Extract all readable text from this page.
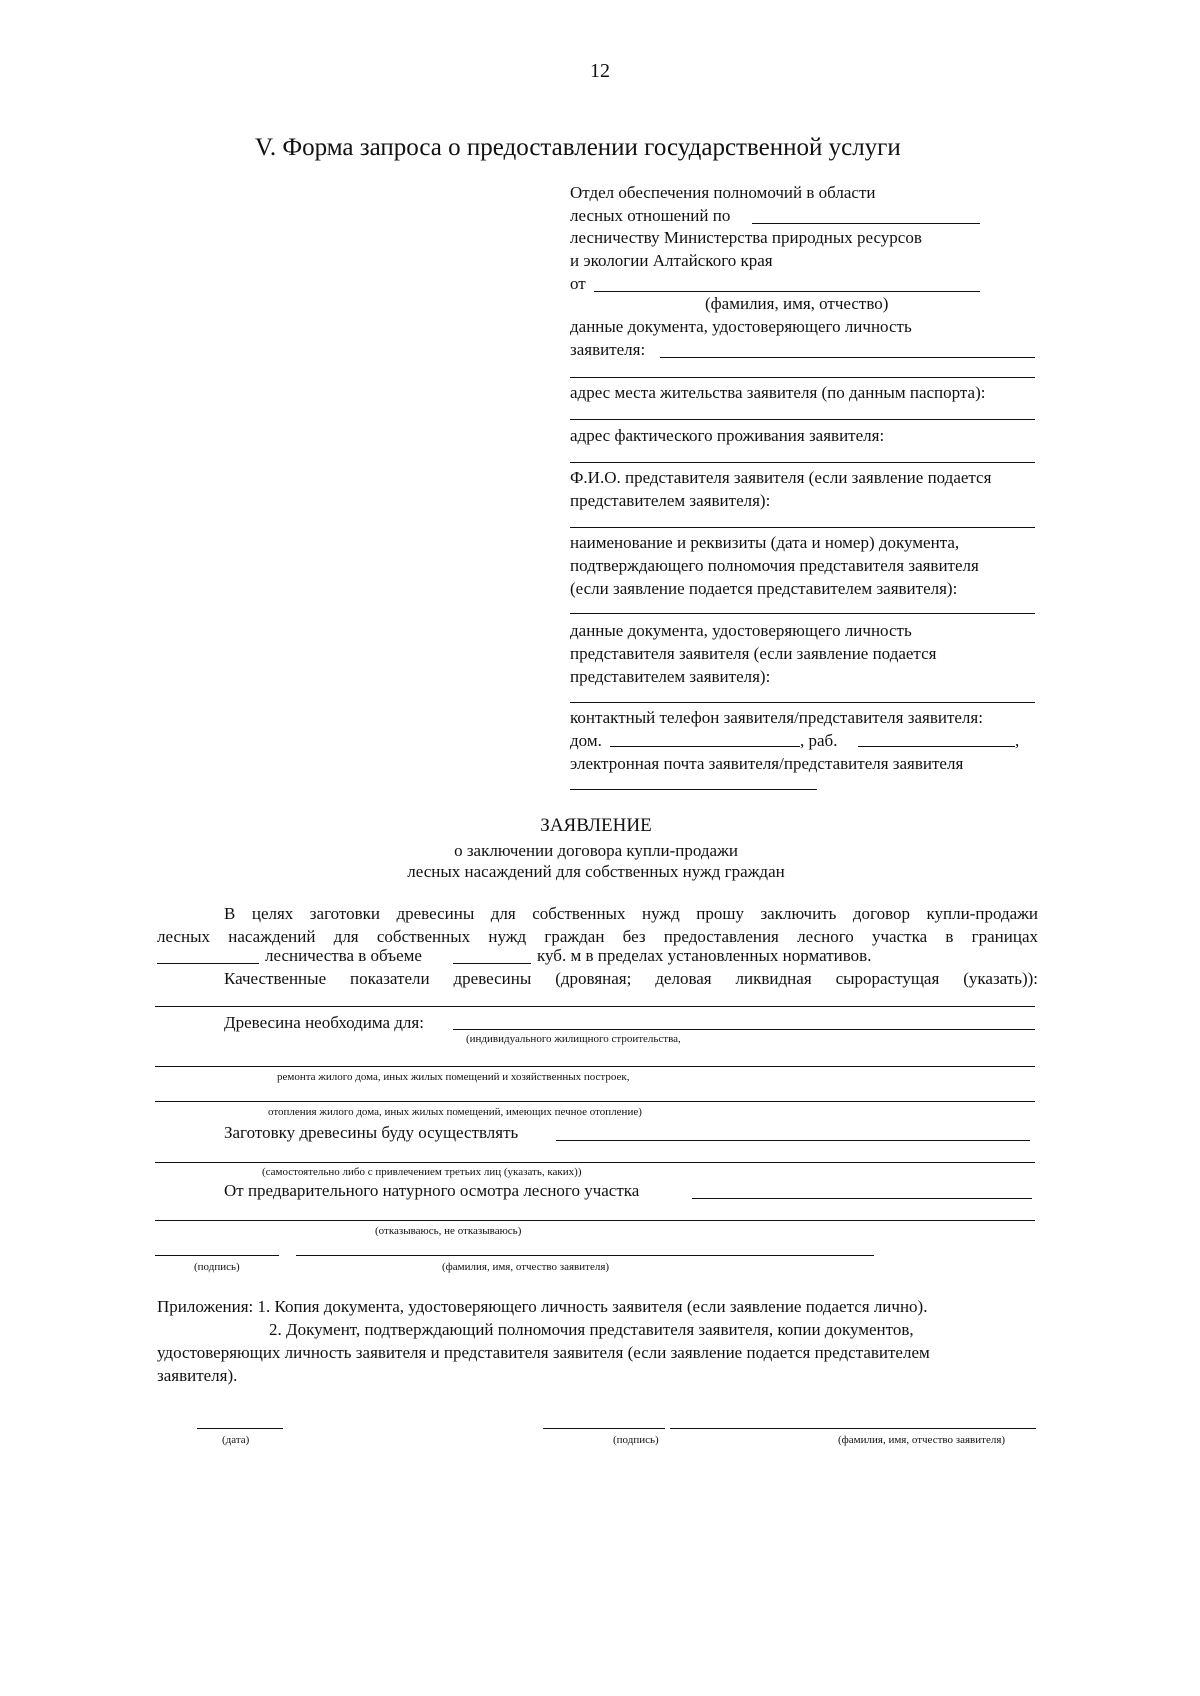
12
V. Форма запроса о предоставлении государственной услуги
Отдел обеспечения полномочий в области
лесных отношений по
лесничеству Министерства природных ресурсов
и экологии Алтайского края
от
(фамилия, имя, отчество)
данные документа, удостоверяющего личность
заявителя:
адрес места жительства заявителя (по данным паспорта):
адрес фактического проживания заявителя:
Ф.И.О. представителя заявителя (если заявление подается
представителем заявителя):
наименование и реквизиты (дата и номер) документа,
подтверждающего полномочия представителя заявителя
(если заявление подается представителем заявителя):
данные документа, удостоверяющего личность
представителя заявителя (если заявление подается
представителем заявителя):
контактный телефон заявителя/представителя заявителя:
дом.	, раб.	,
электронная почта заявителя/представителя заявителя
ЗАЯВЛЕНИЕ
о заключении договора купли-продажи
лесных насаждений для собственных нужд граждан
В целях заготовки древесины для собственных нужд прошу заключить договор купли-продажи
лесных насаждений для собственных нужд граждан без предоставления лесного участка в границах
лесничества в объеме	куб. м в пределах установленных нормативов.
Качественные показатели древесины (дровяная; деловая ликвидная сырорастущая (указать)):
Древесина необходима для:
(индивидуального жилищного строительства,
ремонта жилого дома, иных жилых помещений и хозяйственных построек,
отопления жилого дома, иных жилых помещений, имеющих печное отопление)
Заготовку древесины буду осуществлять
(самостоятельно либо с привлечением третьих лиц (указать, каких))
От предварительного натурного осмотра лесного участка
(отказываюсь, не отказываюсь)
(подпись)	(фамилия, имя, отчество заявителя)
Приложения: 1. Копия документа, удостоверяющего личность заявителя (если заявление подается лично).
2. Документ, подтверждающий полномочия представителя заявителя, копии документов,
удостоверяющих личность заявителя и представителя заявителя (если заявление подается представителем
заявителя).
(дата)	(подпись)	(фамилия, имя, отчество заявителя)
